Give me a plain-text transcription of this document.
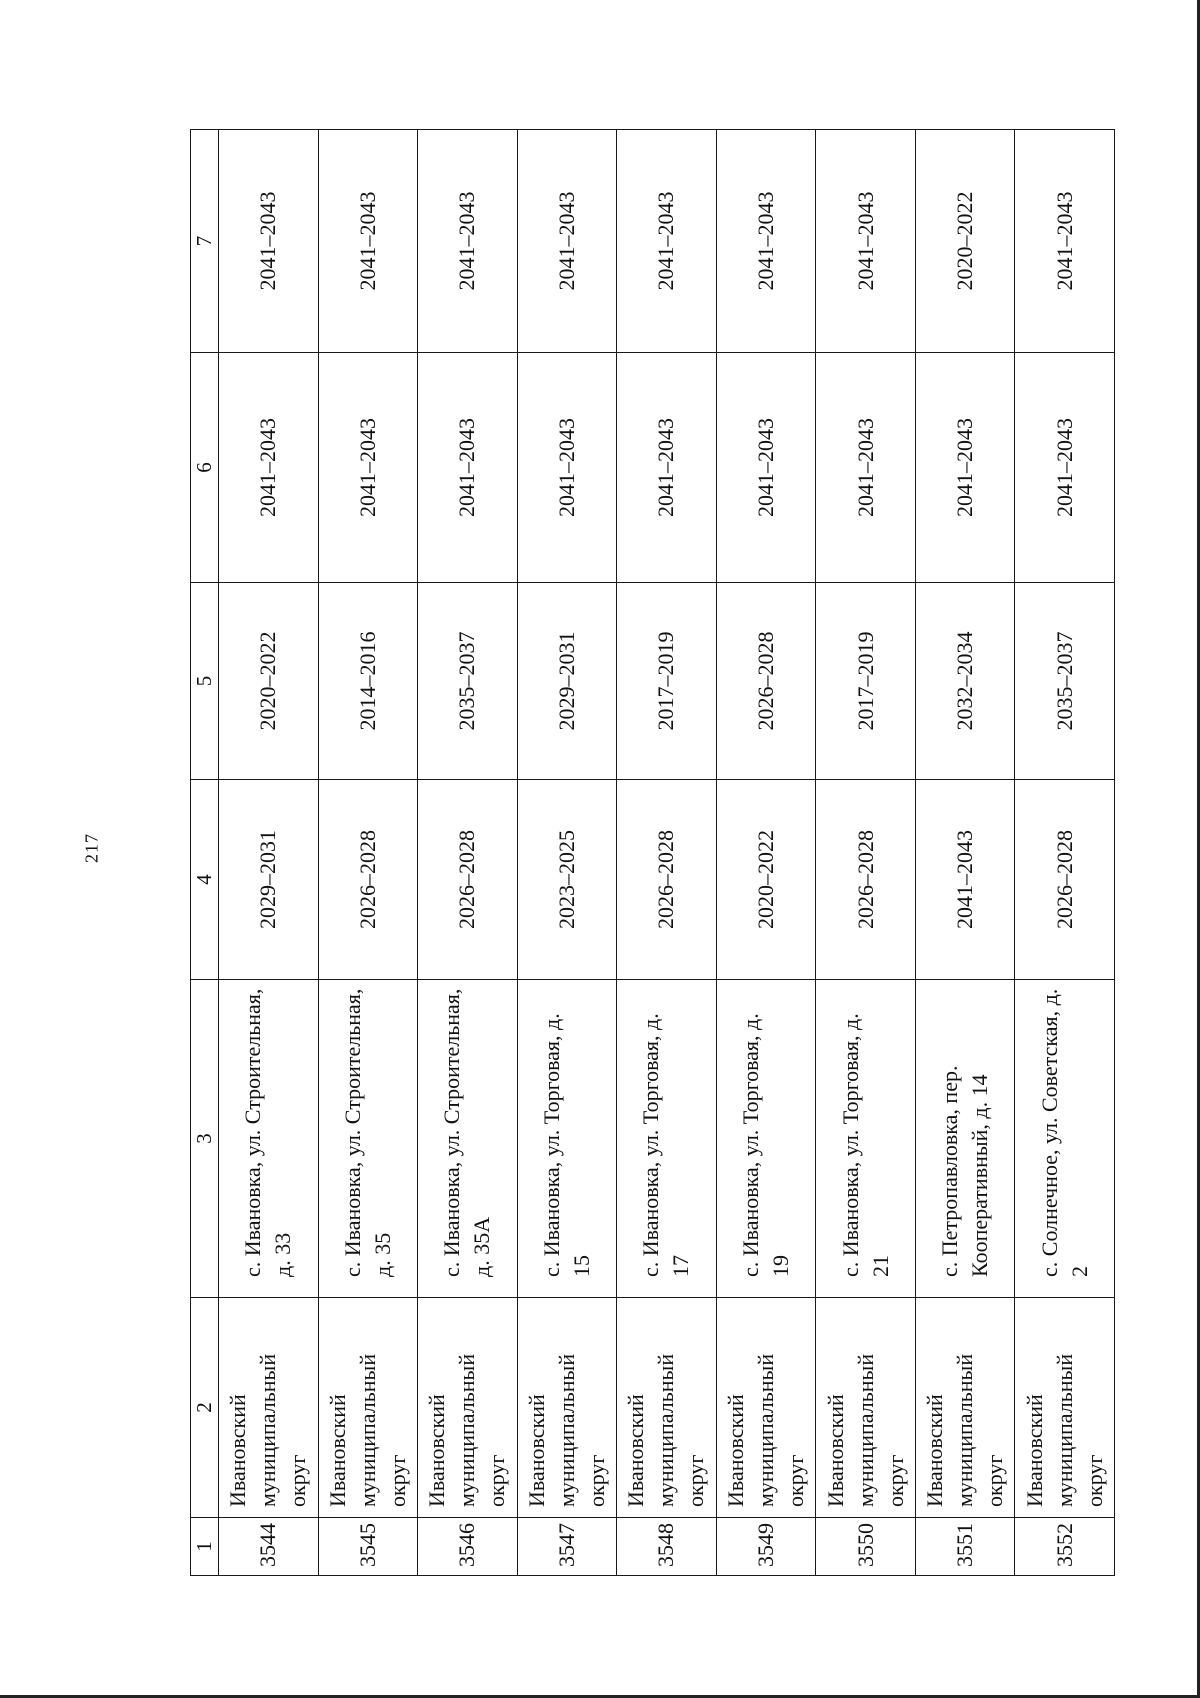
217
1	2	3	4	5	6	7
3544	Ивановский муниципальный округ	с. Ивановка, ул. Строительная, д. 33	2029–2031	2020–2022	2041–2043	2041–2043
3545	Ивановский муниципальный округ	с. Ивановка, ул. Строительная, д. 35	2026–2028	2014–2016	2041–2043	2041–2043
3546	Ивановский муниципальный округ	с. Ивановка, ул. Строительная, д. 35А	2026–2028	2035–2037	2041–2043	2041–2043
3547	Ивановский муниципальный округ	с. Ивановка, ул. Торговая, д. 15	2023–2025	2029–2031	2041–2043	2041–2043
3548	Ивановский муниципальный округ	с. Ивановка, ул. Торговая, д. 17	2026–2028	2017–2019	2041–2043	2041–2043
3549	Ивановский муниципальный округ	с. Ивановка, ул. Торговая, д. 19	2020–2022	2026–2028	2041–2043	2041–2043
3550	Ивановский муниципальный округ	с. Ивановка, ул. Торговая, д. 21	2026–2028	2017–2019	2041–2043	2041–2043
3551	Ивановский муниципальный округ	с. Петропавловка, пер. Кооперативный, д. 14	2041–2043	2032–2034	2041–2043	2020–2022
3552	Ивановский муниципальный округ	с. Солнечное, ул. Советская, д. 2	2026–2028	2035–2037	2041–2043	2041–2043
